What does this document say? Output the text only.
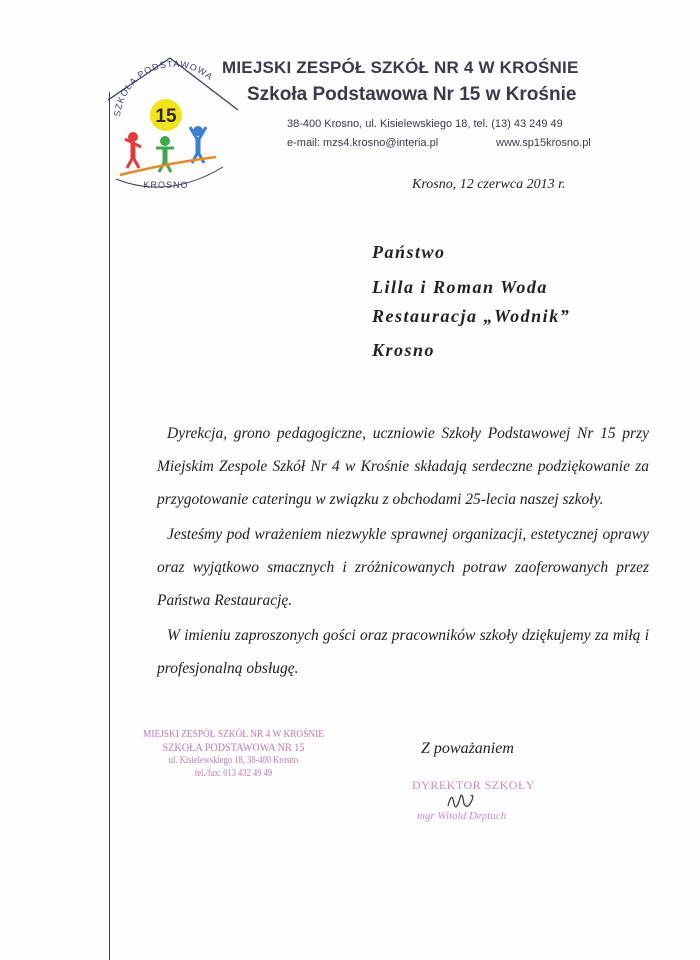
SZKOŁA PODSTAWOWA
15
KROSNO
MIEJSKI ZESPÓŁ SZKÓŁ NR 4 W KROŚNIE
Szkoła Podstawowa Nr 15 w Krośnie
38-400 Krosno, ul. Kisielewskiego 18, tel. (13) 43 249 49
e-mail: mzs4.krosno@interia.pl	www.sp15krosno.pl
Krosno, 12 czerwca 2013 r.
Państwo
Lilla i Roman Woda
Restauracja „Wodnik”
Krosno

Dyrekcja, grono pedagogiczne, uczniowie Szkoły Podstawowej Nr 15 przy Miejskim Zespole Szkół Nr 4 w Krośnie składają serdeczne podziękowanie za przygotowanie cateringu w związku z obchodami 25-lecia naszej szkoły.

Jesteśmy pod wrażeniem niezwykle sprawnej organizacji, estetycznej oprawy oraz wyjątkowo smacznych i zróżnicowanych potraw zaoferowanych przez Państwa Restaurację.

W imieniu zaproszonych gości oraz pracowników szkoły dziękujemy za miłą i profesjonalną obsługę.

Z poważaniem
MIEJSKI ZESPÓŁ SZKÓŁ NR 4 W KROŚNIE
SZKOŁA PODSTAWOWA NR 15
ul. Kisielewskiego 18, 38-400 Krosno
tel./fax: 013 432 49 49
DYREKTOR SZKOŁY
mgr Witold Deptuch
